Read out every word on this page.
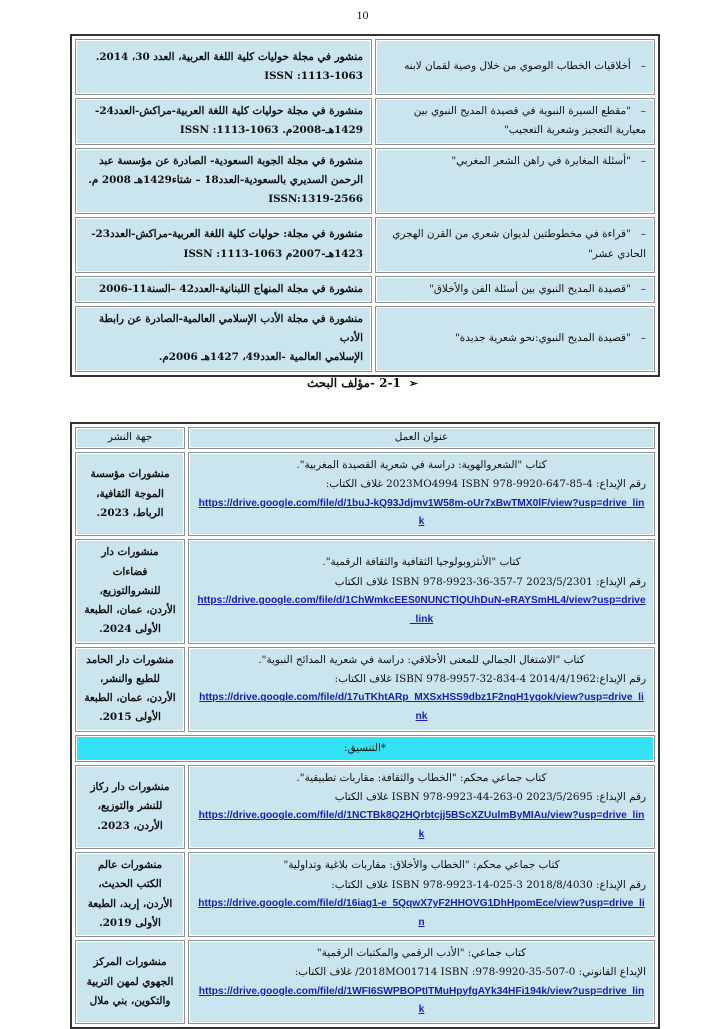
10
–أخلاقيات الخطاب الوصوي من خلال وصية لقمان لابنه	منشور في مجلة حوليات كلية اللغة العربية، العدد 30، 2014.
ISSN :1113-1063

–"مقطع السيرة النبوية في قصيدة المديح النبوي بين معيارية التعجيز وشعرية التعجيب"	منشورة في مجلة حوليات كلية اللغة العربية-مراكش-العدد24-
1429هـ-2008م. ISSN :1113-1063

–"أسئلة المغايرة في راهن الشعر المغربي"	منشورة في مجلة الجوبة السعودية- الصادرة عن مؤسسة عبد
الرحمن السديري بالسعودية-العدد18 – شتاء1429هـ 2008 م.
ISSN:1319-2566

–"قراءة في مخطوطتين لديوان شعري من القرن الهجري الحادي عشر"	منشورة في مجلة: حوليات كلية اللغة العربية-مراكش-العدد23-
1423هـ-2007م ISSN :1113-1063

–"قصيدة المديح النبوي بين أسئلة الفن والأخلاق"	منشورة في مجلة المنهاج اللبنانية-العدد42 –السنة11-2006

–"قصيدة المديح النبوي:نحو شعرية جديدة"	منشورة في مجلة الأدب الإسلامي العالمية-الصادرة عن رابطة الأدب
الإسلامي العالمية -العدد49، 1427هـ 2006م.
➢2-1 -مؤلف البحث
عنوان العمل	جهة النشر

كتاب "الشعروالهوية: دراسة في شعرية القصيدة المغربية".
رقم الإيداع: 2023MO4994 ISBN 978-9920-647-85-4 غلاف الكتاب:
https://drive.google.com/file/d/1buJ-kQ93Jdjmv1W58m-oUr7xBwTMX0lF/view?usp=drive_link	منشورات مؤسسة الموجة الثقافية، الرباط، 2023.

كتاب "الأنثروبولوجيا الثقافية والثقافة الرقمية".
رقم الإيداع: 2023/5/2301 ISBN 978-9923-36-357-7 غلاف الكتاب
https://drive.google.com/file/d/1ChWmkcEES0NUNCTlQUhDuN-eRAYSmHL4/view?usp=drive_link	منشورات دار فضاءات للنشروالتوزيع، الأردن، عمان، الطبعة الأولى 2024.

كتاب "الاشتغال الجمالي للمعنى الأخلاقي: دراسة في شعرية المدائح النبوية".
رقم الإيداع:2014/4/1962 ISBN 978-9957-32-834-4 غلاف الكتاب:
https://drive.google.com/file/d/17uTKhtARp_MXSxHSS9dbz1F2ngH1ygok/view?usp=drive_link	منشورات دار الحامد للطبع والنشر، الأردن، عمان، الطبعة الأولى 2015.
*التنسيق:	

كتاب جماعي محكم: "الخطاب والثقافة: مقاربات تطبيقية".
رقم الإيداع: 2023/5/2695 ISBN 978-9923-44-263-0 غلاف الكتاب
https://drive.google.com/file/d/1NCTBk8Q2HQrbtcjj5BScXZUulmByMIAu/view?usp=drive_link	منشورات دار ركاز للنشر والتوزيع، الأردن، 2023.

كتاب جماعي محكم: "الخطاب والأخلاق: مقاربات بلاغية وتداولية"
رقم الإيداع: 2018/8/4030 ISBN 978-9923-14-025-3 غلاف الكتاب:
https://drive.google.com/file/d/16iag1-e_5QqwX7yF2HHOVG1DhHpomEce/view?usp=drive_lin	منشورات عالم الكتب الحديث، الأردن، إربد، الطبعة الأولى 2019.

كتاب جماعي: "الأدب الرقمي والمكتبات الرقمية"
الإيداع القانوني: 2018MO01714 ISBN :978-9920-35-507-0/ غلاف الكتاب:
https://drive.google.com/file/d/1WFI6SWPBOPtITMuHpyfgAYk34HFi194k/view?usp=drive_link	منشورات المركز الجهوي لمهن التربية والتكوين، بني ملال
